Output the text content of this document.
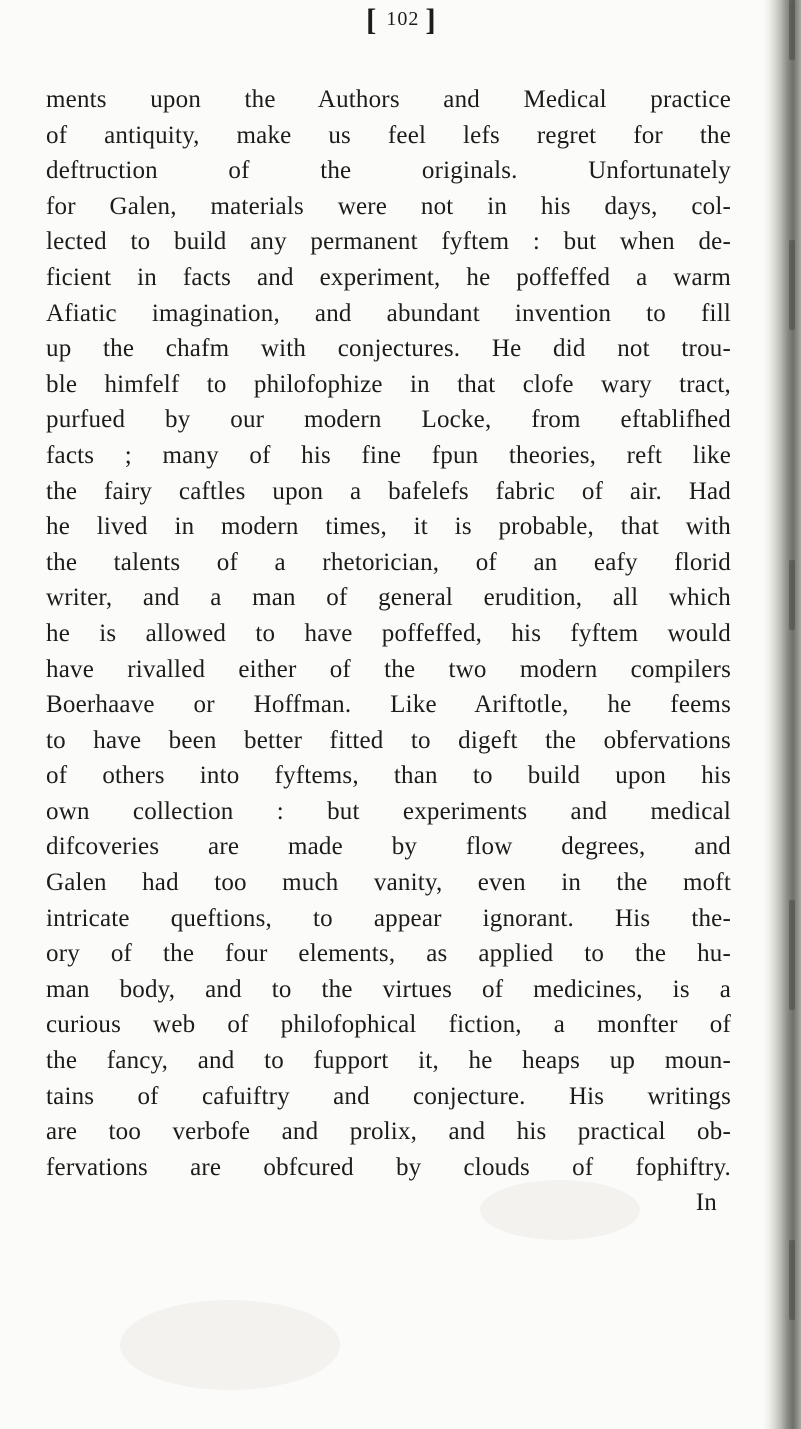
[ 102 ]
ments upon the Authors and Medical practice
of antiquity, make us feel lefs regret for the
deftruction of the originals. Unfortunately
for Galen, materials were not in his days, col-
lected to build any permanent fyftem : but when de-
ficient in facts and experiment, he poffeffed a warm
Afiatic imagination, and abundant invention to fill
up the chafm with conjectures. He did not trou-
ble himfelf to philofophize in that clofe wary tract,
purfued by our modern Locke, from eftablifhed
facts ; many of his fine fpun theories, reft like
the fairy caftles upon a bafelefs fabric of air. Had
he lived in modern times, it is probable, that with
the talents of a rhetorician, of an eafy florid
writer, and a man of general erudition, all which
he is allowed to have poffeffed, his fyftem would
have rivalled either of the two modern compilers
Boerhaave or Hoffman. Like Ariftotle, he feems
to have been better fitted to digeft the obfervations
of others into fyftems, than to build upon his
own collection : but experiments and medical
difcoveries are made by flow degrees, and
Galen had too much vanity, even in the moft
intricate queftions, to appear ignorant. His the-
ory of the four elements, as applied to the hu-
man body, and to the virtues of medicines, is a
curious web of philofophical fiction, a monfter of
the fancy, and to fupport it, he heaps up moun-
tains of cafuiftry and conjecture. His writings
are too verbofe and prolix, and his practical ob-
fervations are obfcured by clouds of fophiftry.
In
